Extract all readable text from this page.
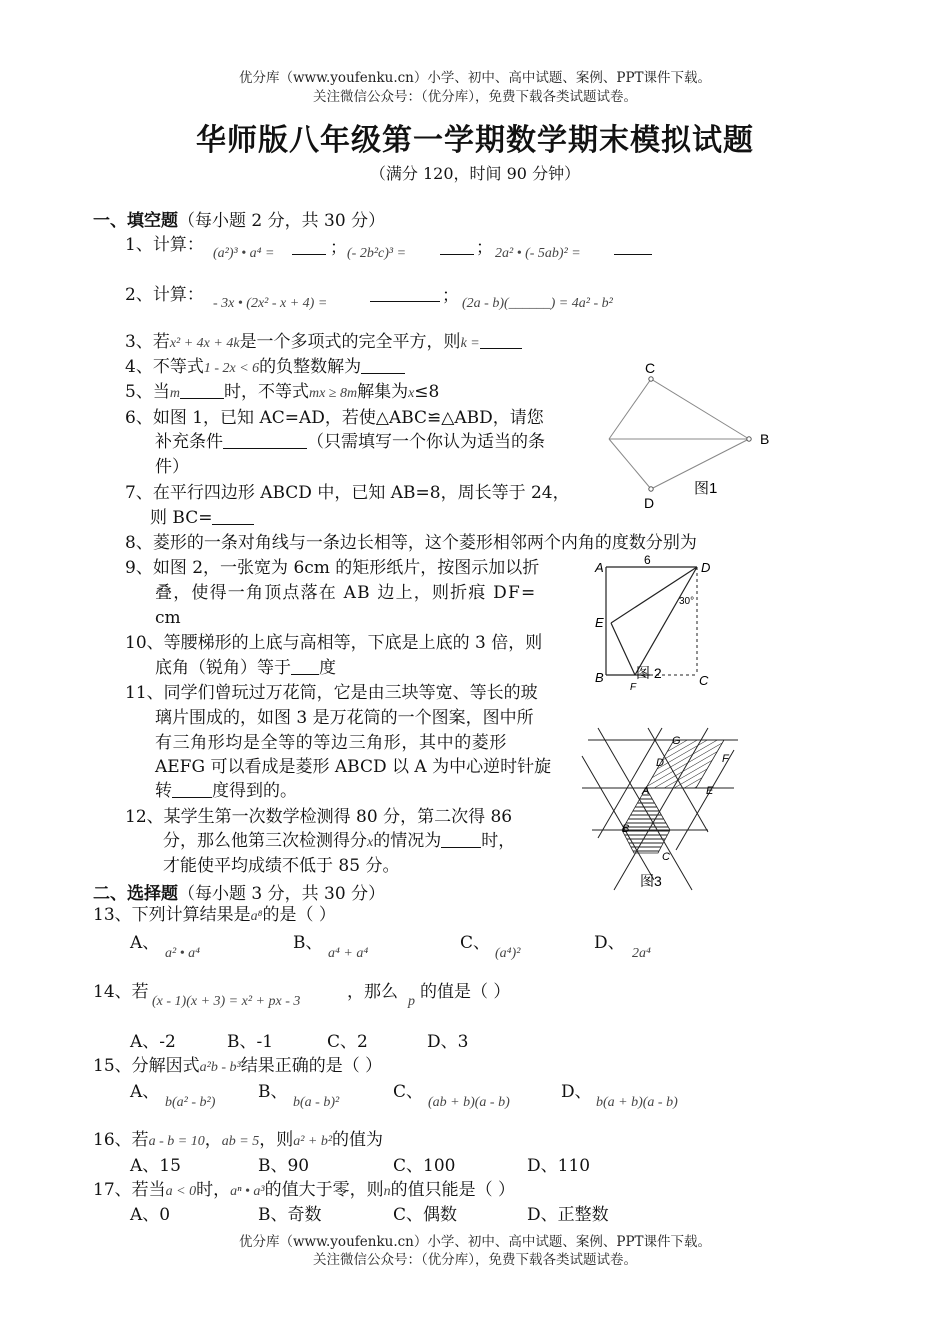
优分库（www.youfenku.cn）小学、初中、高中试题、案例、PPT课件下载。
关注微信公众号：（优分库），免费下载各类试题试卷。
华师版八年级第一学期数学期末模拟试题
（满分 120，时间 90 分钟）
一、填空题（每小题 2 分，共 30 分）
1、计算： (a²)³ • a⁴ =	； (- 2b²c)³ =	； 2a² • (- 5ab)² =
2、计算： - 3x • (2x² - x + 4) =	； (2a - b)(______) = 4a² - b²
3、若x² + 4x + 4k是一个多项式的完全平方，则k =
4、不等式1 - 2x < 6的负整数解为
5、当m	时，不等式mx ≥ 8m解集为x≤8
6、如图 1，已知 AC=AD，若使△ABC≌△ABD，请您
补充条件	（只需填写一个你认为适当的条
件）
7、在平行四边形 ABCD 中，已知 AB=8，周长等于 24，
则 BC=
8、菱形的一条对角线与一条边长相等，这个菱形相邻两个内角的度数分别为
9、如图 2，一张宽为 6cm 的矩形纸片，按图示加以折
叠，使得一角顶点落在 AB 边上，则折痕 DF=
cm
10、等腰梯形的上底与高相等，下底是上底的 3 倍，则
底角（锐角）等于 度
11、同学们曾玩过万花筒，它是由三块等宽、等长的玻
璃片围成的，如图 3 是万花筒的一个图案，图中所
有三角形均是全等的等边三角形，其中的菱形
AEFG 可以看成是菱形 ABCD 以 A 为中心逆时针旋
转 度得到的。
12、某学生第一次数学检测得 80 分，第二次得 86
分，那么他第三次检测得分x的情况为 时，
才能使平均成绩不低于 85 分。
二、选择题（每小题 3 分，共 30 分）
13、下列计算结果是a⁸的是（ ）
A、
a² • a⁴
B、
a⁴ + a⁴
C、
(a⁴)²
D、
2a⁴
14、若 (x - 1)(x + 3) = x² + px - 3	，那么 p 的值是（ ）
A、-2	B、-1	C、2	D、3
15、分解因式a²b - b³结果正确的是（ ）
A、
b(a² - b²)
B、
b(a - b)²
C、
(ab + b)(a - b)
D、
b(a + b)(a - b)
16、若a - b = 10，ab = 5，则a² + b²的值为
A、15	B、90	C、100	D、110
17、若当a < 0时，aⁿ • a³的值大于零，则n的值只能是（ ）
A、0	B、奇数	C、偶数	D、正整数
优分库（www.youfenku.cn）小学、初中、高中试题、案例、PPT课件下载。
关注微信公众号：（优分库），免费下载各类试题试卷。
C
B
D
图1
A	D
E
B
F	C
6
30°
图 2
G
F
D
A	E
B
C
图3
